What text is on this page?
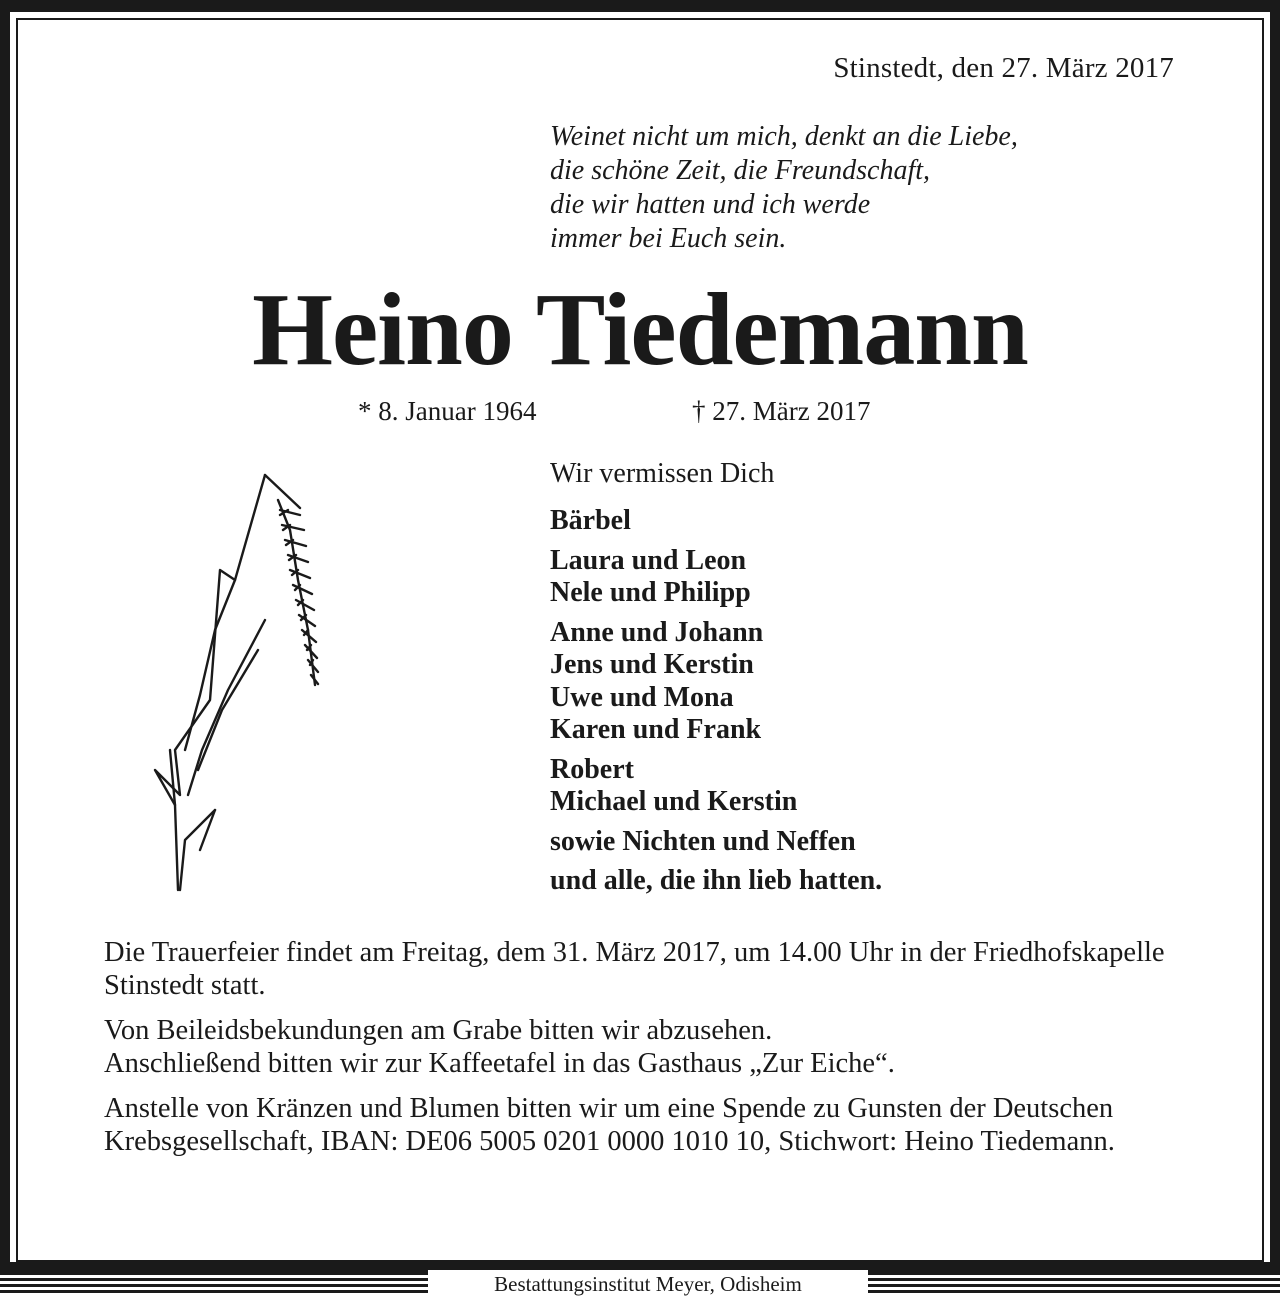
Stinstedt, den 27. März 2017
Weinet nicht um mich, denkt an die Liebe,
die schöne Zeit, die Freundschaft,
die wir hatten und ich werde
immer bei Euch sein.
Heino Tiedemann
* 8. Januar 1964	† 27. März 2017
Wir vermissen Dich
Bärbel
Laura und Leon
Nele und Philipp
Anne und Johann
Jens und Kerstin
Uwe und Mona
Karen und Frank
Robert
Michael und Kerstin
sowie Nichten und Neffen
und alle, die ihn lieb hatten.

Die Trauerfeier findet am Freitag, dem 31. März 2017, um 14.00 Uhr in der Friedhofskapelle Stinstedt statt.

Von Beileidsbekundungen am Grabe bitten wir abzusehen.

Anschließend bitten wir zur Kaffeetafel in das Gasthaus „Zur Eiche“.

Anstelle von Kränzen und Blumen bitten wir um eine Spende zu Gunsten der Deutschen Krebsgesellschaft, IBAN: DE06 5005 0201 0000 1010 10, Stichwort: Heino Tiedemann.

Bestattungsinstitut Meyer, Odisheim
